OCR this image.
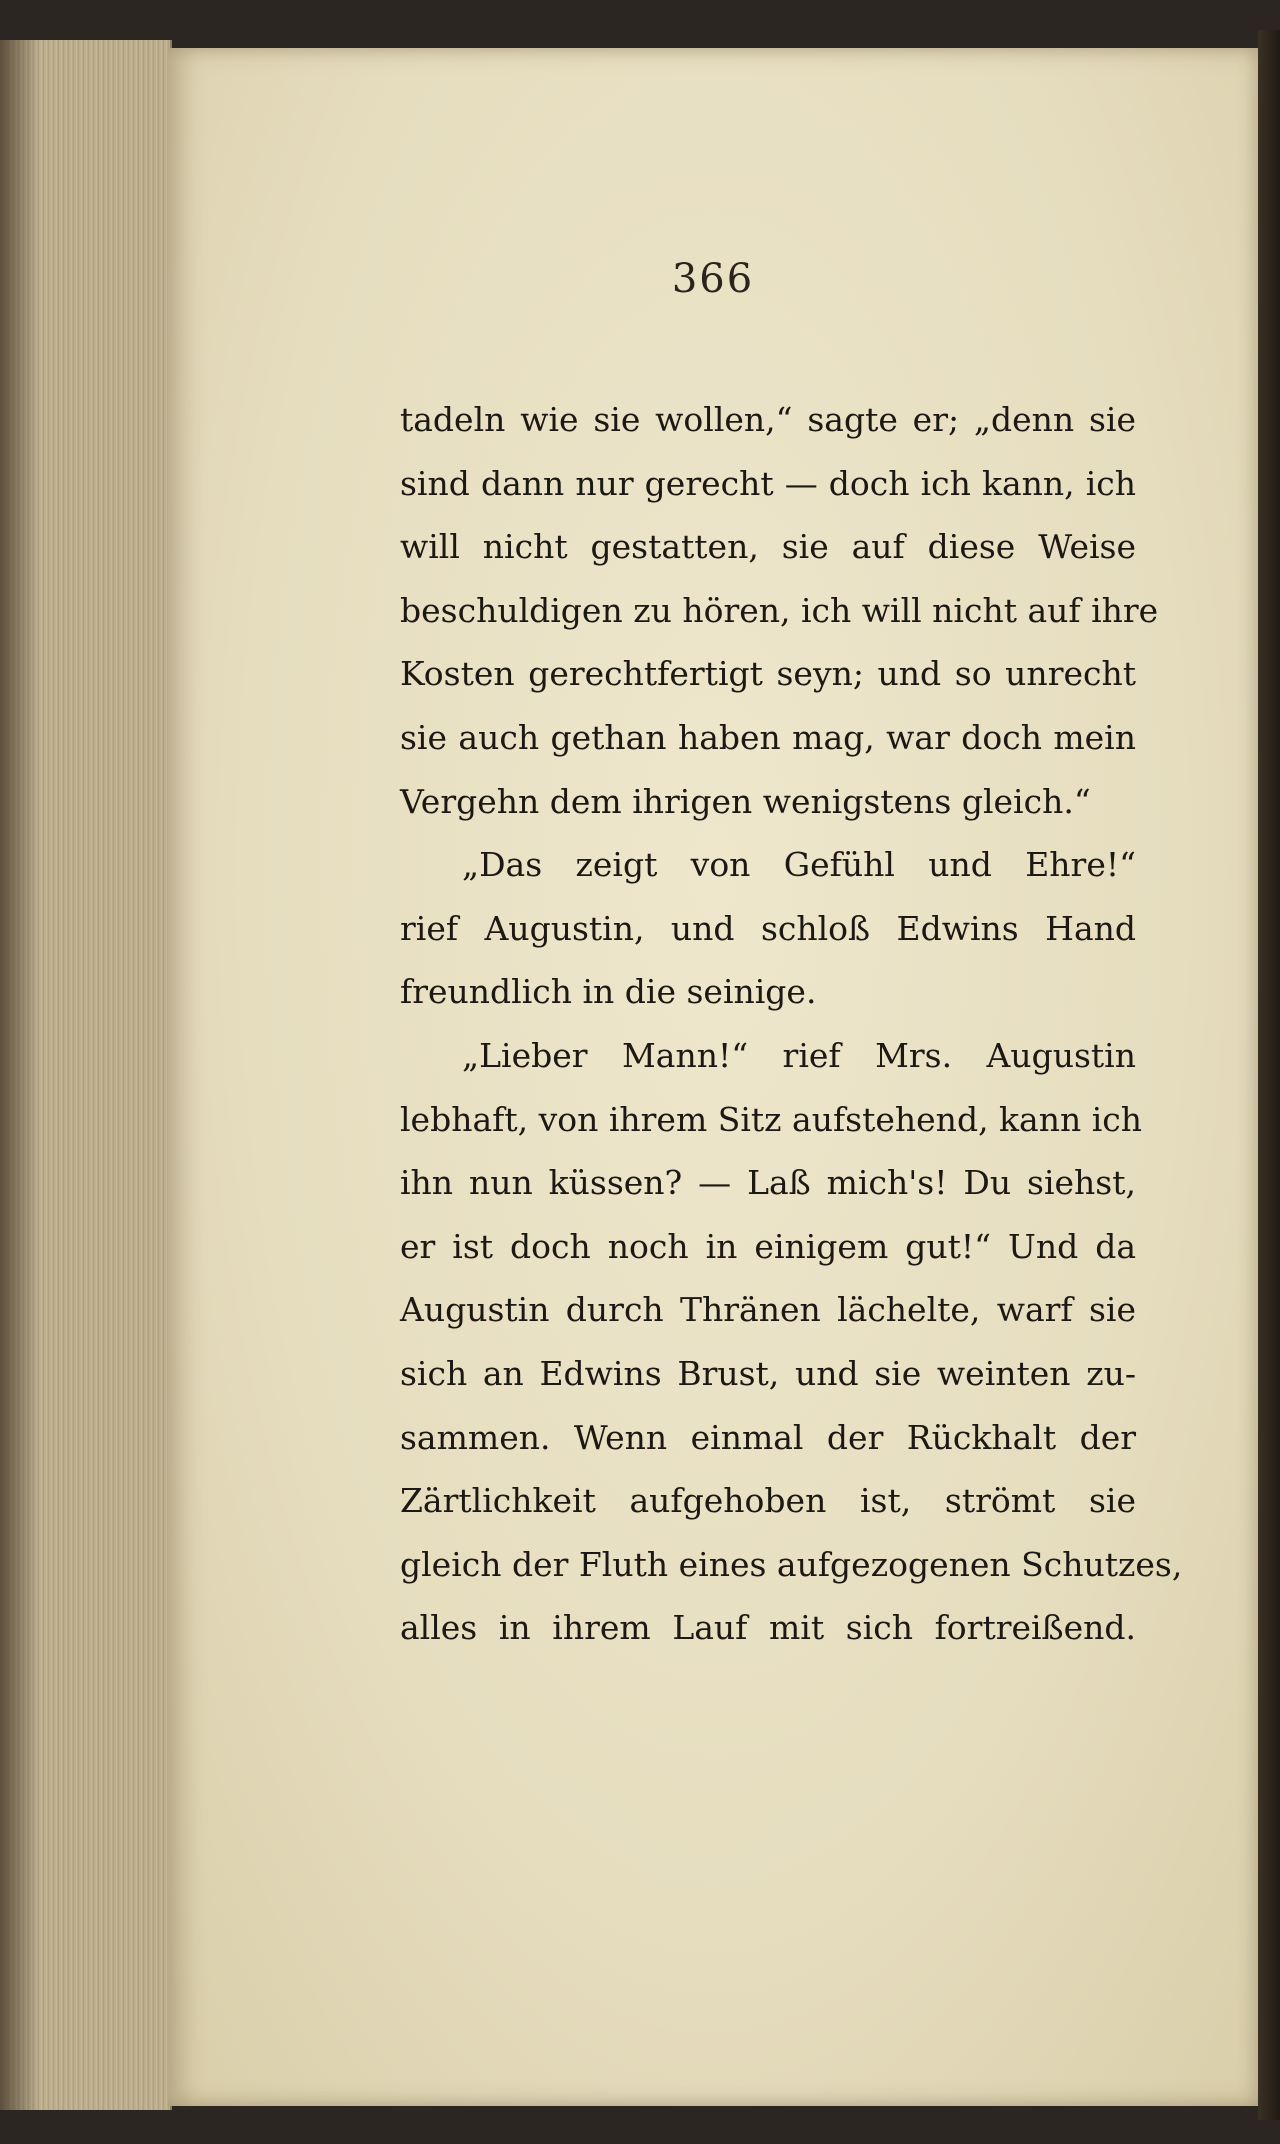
366
tadeln wie sie wollen,“ sagte er; „denn sie
sind dann nur gerecht — doch ich kann, ich
will nicht gestatten, sie auf diese Weise
beschuldigen zu hören, ich will nicht auf ihre
Kosten gerechtfertigt seyn; und so unrecht
sie auch gethan haben mag, war doch mein
Vergehn dem ihrigen wenigstens gleich.“
„Das zeigt von Gefühl und Ehre!“
rief Augustin, und schloß Edwins Hand
freundlich in die seinige.
„Lieber Mann!“ rief Mrs. Augustin
lebhaft, von ihrem Sitz aufstehend, kann ich
ihn nun küssen? — Laß mich's! Du siehst,
er ist doch noch in einigem gut!“ Und da
Augustin durch Thränen lächelte, warf sie
sich an Edwins Brust, und sie weinten zu-
sammen. Wenn einmal der Rückhalt der
Zärtlichkeit aufgehoben ist, strömt sie
gleich der Fluth eines aufgezogenen Schutzes,
alles in ihrem Lauf mit sich fortreißend.
